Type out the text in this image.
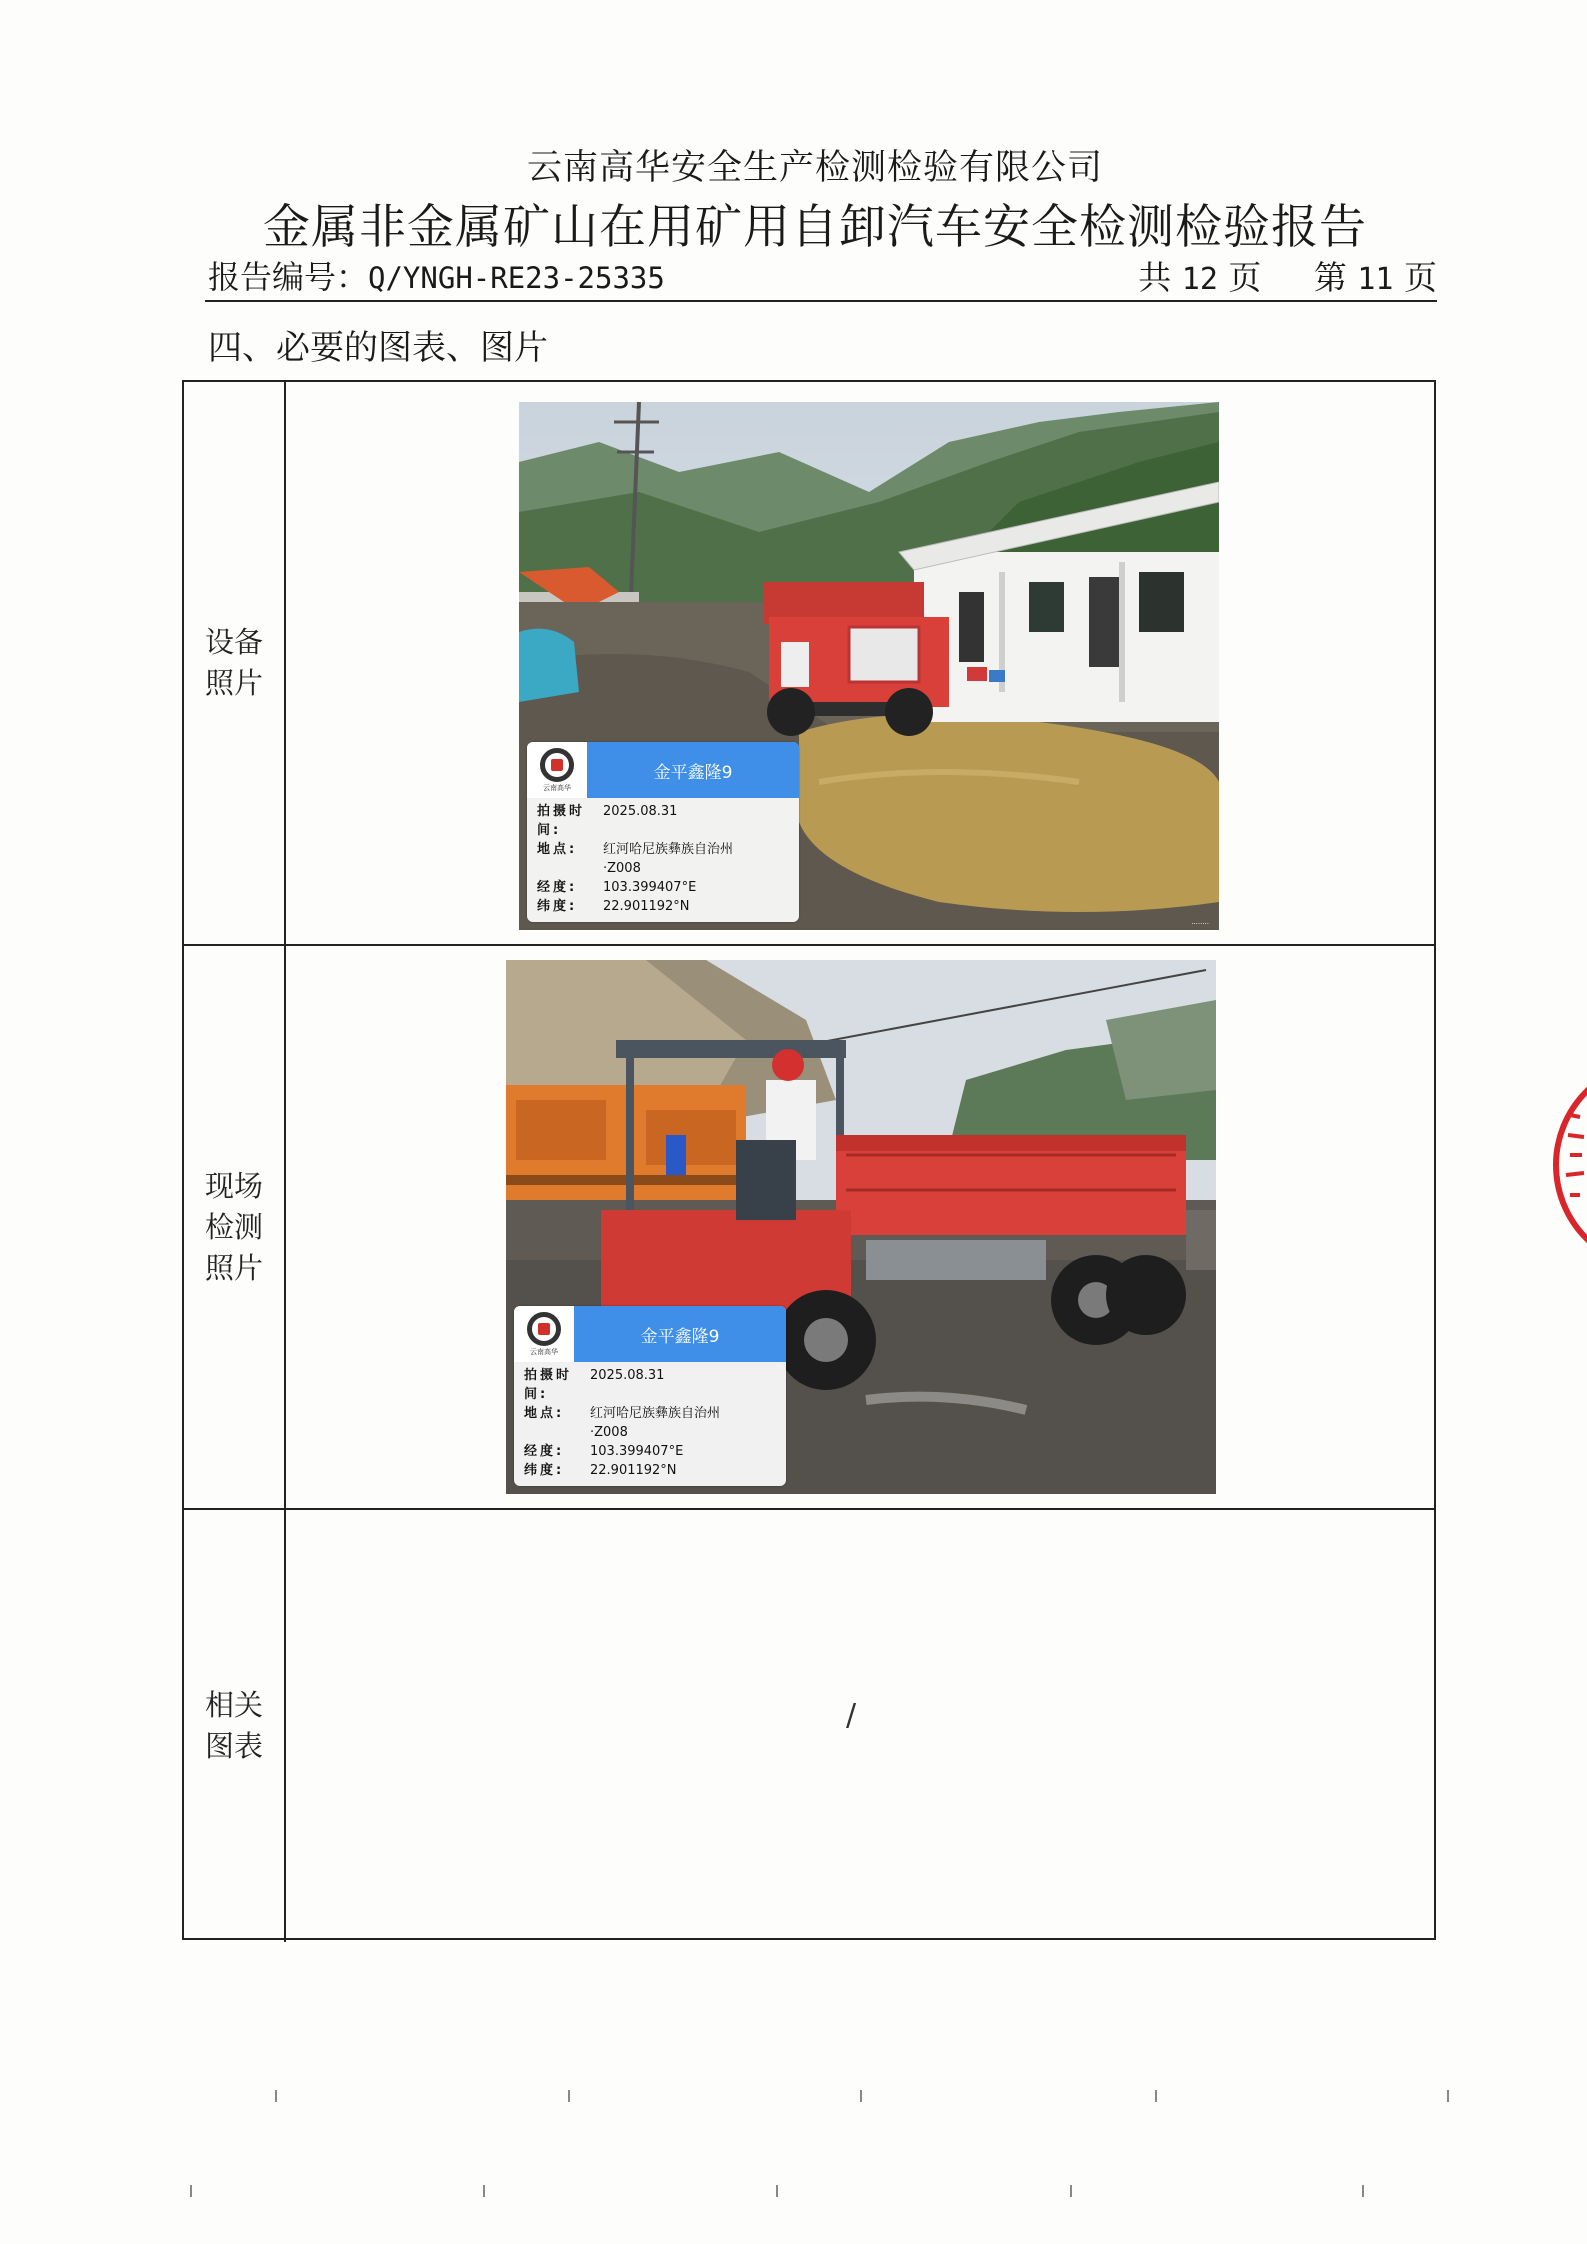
云南高华安全生产检测检验有限公司
金属非金属矿山在用矿用自卸汽车安全检测检验报告
报告编号：Q/YNGH-RE23-25335	共 12 页 第 11 页
四、必要的图表、图片
设备照片
........
云南高华
金平鑫隆9
拍摄时间:
2025.08.31
地点:	红河哈尼族彝族自治州
·Z008
经度:	103.399407°E
纬度:	22.901192°N
现场检测照片
云南高华
金平鑫隆9
拍摄时间:
2025.08.31
地点:	红河哈尼族彝族自治州
·Z008
经度:	103.399407°E
纬度:	22.901192°N
相关图表
/
